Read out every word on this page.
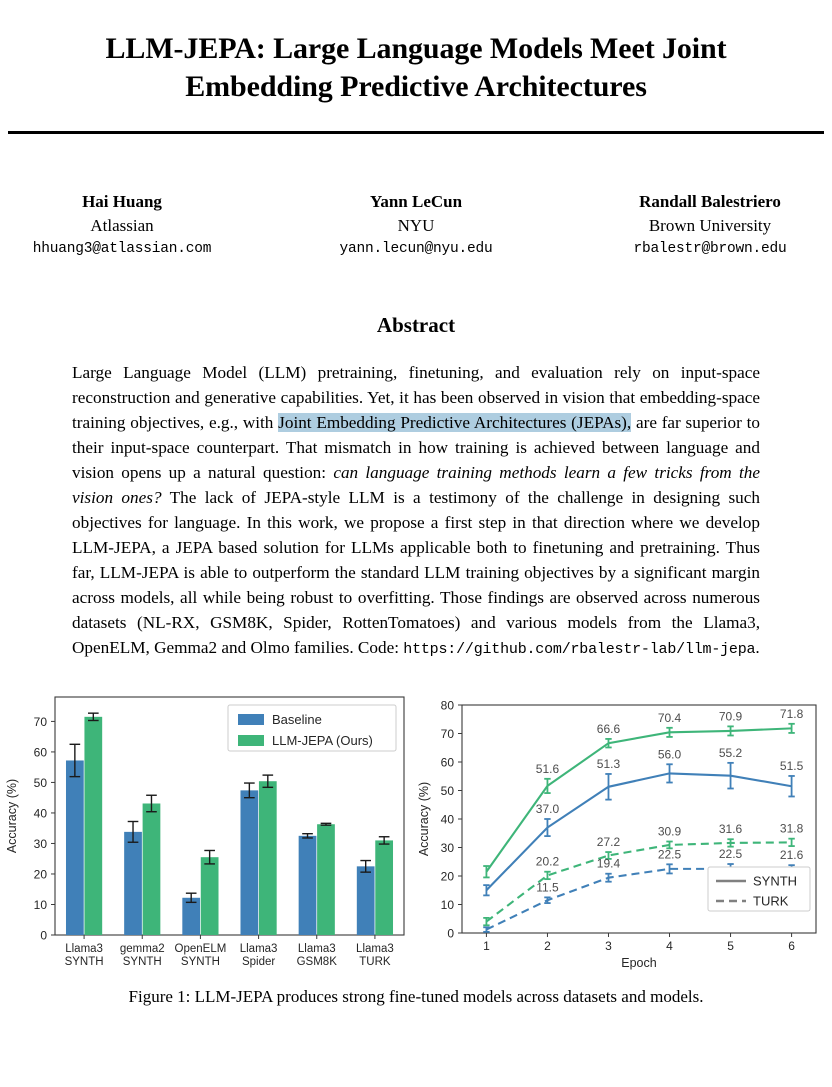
LLM-JEPA: Large Language Models Meet Joint Embedding Predictive Architectures
Hai Huang
Atlassian
hhuang3@atlassian.com
Yann LeCun
NYU
yann.lecun@nyu.edu
Randall Balestriero
Brown University
rbalestr@brown.edu
Abstract
Large Language Model (LLM) pretraining, finetuning, and evaluation rely on input-space reconstruction and generative capabilities. Yet, it has been observed in vision that embedding-space training objectives, e.g., with Joint Embedding Predictive Architectures (JEPAs), are far superior to their input-space counterpart. That mismatch in how training is achieved between language and vision opens up a natural question: can language training methods learn a few tricks from the vision ones? The lack of JEPA-style LLM is a testimony of the challenge in designing such objectives for language. In this work, we propose a first step in that direction where we develop LLM-JEPA, a JEPA based solution for LLMs applicable both to finetuning and pretraining. Thus far, LLM-JEPA is able to outperform the standard LLM training objectives by a significant margin across models, all while being robust to overfitting. Those findings are observed across numerous datasets (NL-RX, GSM8K, Spider, RottenTomatoes) and various models from the Llama3, OpenELM, Gemma2 and Olmo families. Code: https://github.com/rbalestr-lab/llm-jepa.
0
10
20
30
40
50
60
70
Accuracy (%)
Llama3
SYNTH
gemma2
SYNTH
OpenELM
SYNTH
Llama3
Spider
Llama3
GSM8K
Llama3
TURK
Baseline
LLM-JEPA (Ours)
0
10
20
30
40
50
60
70
80
1	2	3	4	5	6
Epoch
Accuracy (%)
51.6
66.6
70.4	70.9	71.8
37.0
51.3
56.0	55.2
51.5
20.2
27.2
30.9	31.6	31.8
11.5
19.4
22.5	22.5	21.6
SYNTH
TURK
Figure 1: LLM-JEPA produces strong fine-tuned models across datasets and models.
